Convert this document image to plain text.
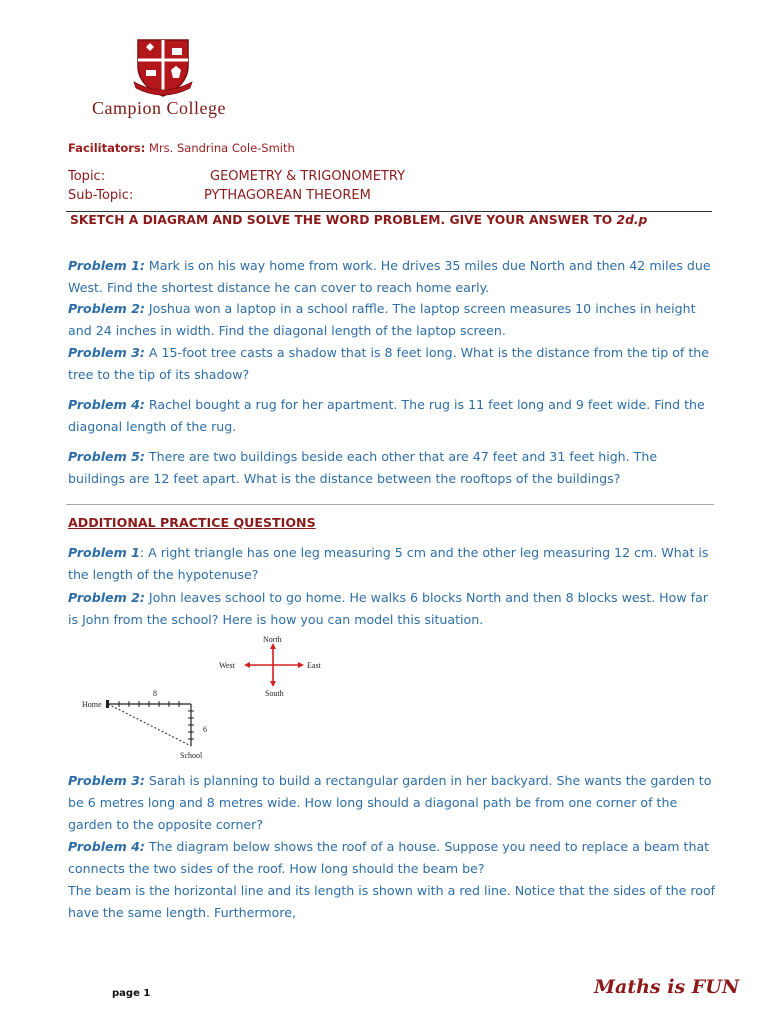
Campion College
Facilitators: Mrs. Sandrina Cole-Smith
Topic:	GEOMETRY & TRIGONOMETRY
Sub-Topic:	PYTHAGOREAN THEOREM
SKETCH A DIAGRAM AND SOLVE THE WORD PROBLEM. GIVE YOUR ANSWER TO 2d.p
Problem 1: Mark is on his way home from work. He drives 35 miles due North and then 42 miles due West. Find the shortest distance he can cover to reach home early.
Problem 2: Joshua won a laptop in a school raffle. The laptop screen measures 10 inches in height and 24 inches in width. Find the diagonal length of the laptop screen.
Problem 3: A 15-foot tree casts a shadow that is 8 feet long. What is the distance from the tip of the tree to the tip of its shadow?
Problem 4: Rachel bought a rug for her apartment. The rug is 11 feet long and 9 feet wide. Find the diagonal length of the rug.
Problem 5: There are two buildings beside each other that are 47 feet and 31 feet high. The buildings are 12 feet apart. What is the distance between the rooftops of the buildings?
ADDITIONAL PRACTICE QUESTIONS
Problem 1: A right triangle has one leg measuring 5 cm and the other leg measuring 12 cm. What is the length of the hypotenuse?
Problem 2: John leaves school to go home. He walks 6 blocks North and then 8 blocks west. How far is John from the school? Here is how you can model this situation.
North
South
East
West
Home
School
8
6
Problem 3: Sarah is planning to build a rectangular garden in her backyard. She wants the garden to be 6 metres long and 8 metres wide. How long should a diagonal path be from one corner of the garden to the opposite corner?
Problem 4: The diagram below shows the roof of a house. Suppose you need to replace a beam that connects the two sides of the roof. How long should the beam be?
The beam is the horizontal line and its length is shown with a red line. Notice that the sides of the roof have the same length. Furthermore,
page 1	Maths is FUN
